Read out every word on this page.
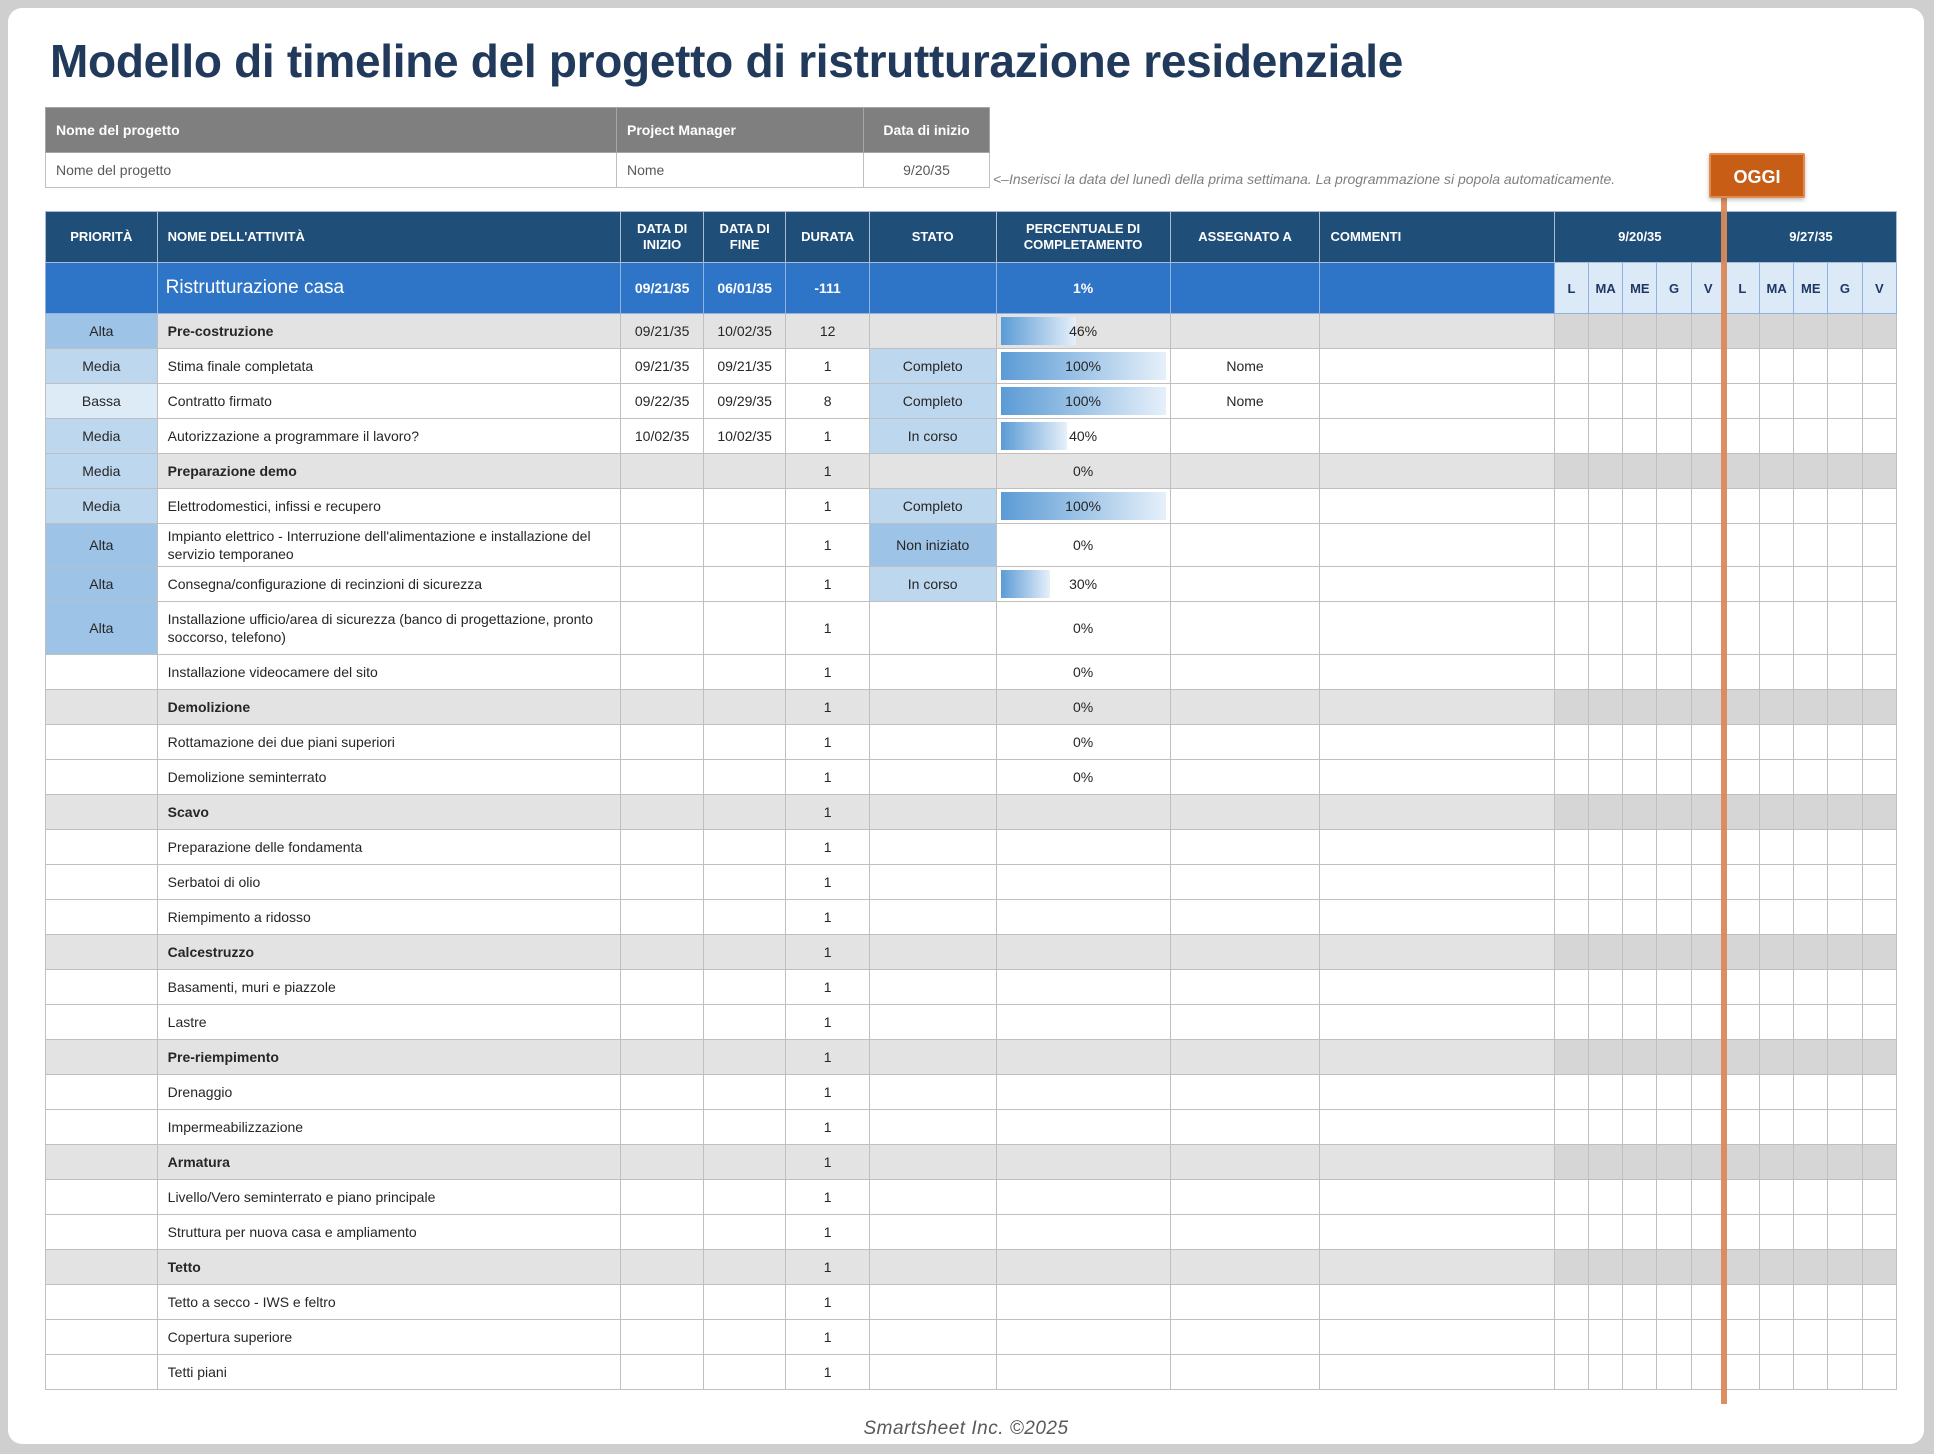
Modello di timeline del progetto di ristrutturazione residenziale
Nome del progetto	Project Manager	Data di inizio
Nome del progetto	Nome	9/20/35
<–Inserisci la data del lunedì della prima settimana. La programmazione si popola automaticamente.	OGGI
PRIORITÀ	NOME DELL'ATTIVITÀ	DATA DI INIZIO	DATA DI FINE	DURATA	STATO	PERCENTUALE DI COMPLETAMENTO	ASSEGNATO A	COMMENTI	9/20/35					9/27/35				
	Ristrutturazione casa	09/21/35	06/01/35	-111		1%			L	MA	ME	G	V	L	MA	ME	G	V
Alta	Pre-costruzione	09/21/35	10/02/35	12		46%												
Media	Stima finale completata	09/21/35	09/21/35	1	Completo	100%	Nome											
Bassa	Contratto firmato	09/22/35	09/29/35	8	Completo	100%	Nome											
Media	Autorizzazione a programmare il lavoro?	10/02/35	10/02/35	1	In corso	40%												
Media	Preparazione demo			1		0%												
Media	Elettrodomestici, infissi e recupero			1	Completo	100%												
Alta	Impianto elettrico - Interruzione dell'alimentazione e installazione del servizio temporaneo			1	Non iniziato	0%												
Alta	Consegna/configurazione di recinzioni di sicurezza			1	In corso	30%												
Alta	Installazione ufficio/area di sicurezza (banco di progettazione, pronto soccorso, telefono)			1		0%												
	Installazione videocamere del sito			1		0%												
	Demolizione			1		0%												
	Rottamazione dei due piani superiori			1		0%												
	Demolizione seminterrato			1		0%												
	Scavo			1														
	Preparazione delle fondamenta			1														
	Serbatoi di olio			1														
	Riempimento a ridosso			1														
	Calcestruzzo			1														
	Basamenti, muri e piazzole			1														
	Lastre			1														
	Pre-riempimento			1														
	Drenaggio			1														
	Impermeabilizzazione			1														
	Armatura			1														
	Livello/Vero seminterrato e piano principale			1														
	Struttura per nuova casa e ampliamento			1														
	Tetto			1														
	Tetto a secco - IWS e feltro			1														
	Copertura superiore			1														
	Tetti piani			1														
Smartsheet Inc. ©2025
